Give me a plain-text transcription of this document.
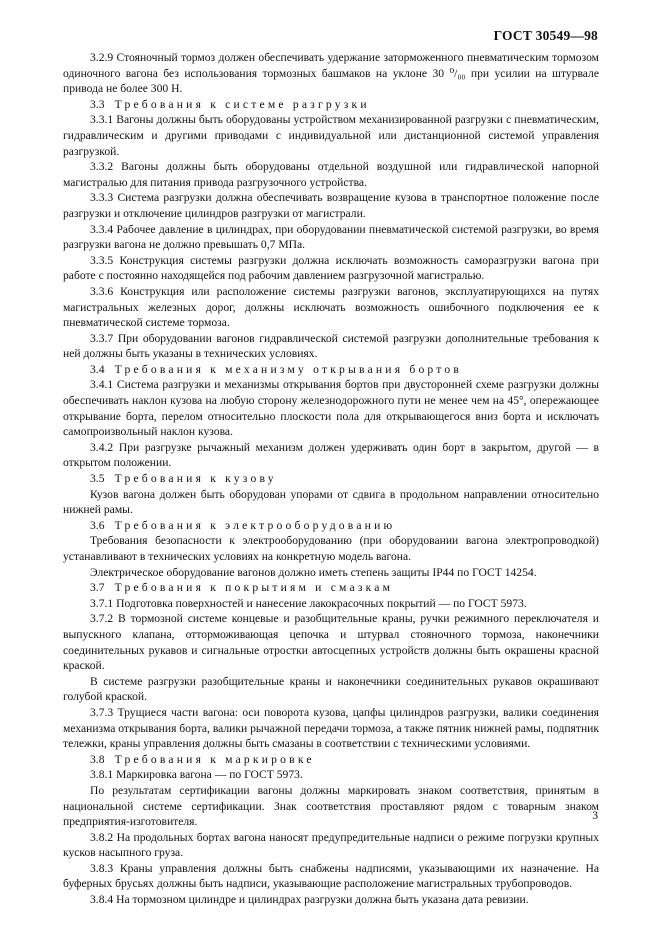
ГОСТ 30549—98

3.2.9 Стояночный тормоз должен обеспечивать удержание заторможенного пневматическим тормозом одиночного вагона без использования тормозных башмаков на уклоне 30 ⁰/₀₀ при усилии на штурвале привода не более 300 Н.

3.3 Требования к системе разгрузки

3.3.1 Вагоны должны быть оборудованы устройством механизированной разгрузки с пневматическим, гидравлическим и другими приводами с индивидуальной или дистанционной системой управления разгрузкой.

3.3.2 Вагоны должны быть оборудованы отдельной воздушной или гидравлической напорной магистралью для питания привода разгрузочного устройства.

3.3.3 Система разгрузки должна обеспечивать возвращение кузова в транспортное положение после разгрузки и отключение цилиндров разгрузки от магистрали.

3.3.4 Рабочее давление в цилиндрах, при оборудовании пневматической системой разгрузки, во время разгрузки вагона не должно превышать 0,7 МПа.

3.3.5 Конструкция системы разгрузки должна исключать возможность саморазгрузки вагона при работе с постоянно находящейся под рабочим давлением разгрузочной магистралью.

3.3.6 Конструкция или расположение системы разгрузки вагонов, эксплуатирующихся на путях магистральных железных дорог, должны исключать возможность ошибочного подключения ее к пневматической системе тормоза.

3.3.7 При оборудовании вагонов гидравлической системой разгрузки дополнительные требования к ней должны быть указаны в технических условиях.

3.4 Требования к механизму открывания бортов

3.4.1 Система разгрузки и механизмы открывания бортов при двусторонней схеме разгрузки должны обеспечивать наклон кузова на любую сторону железнодорожного пути не менее чем на 45°, опережающее открывание борта, перелом относительно плоскости пола для открывающегося вниз борта и исключать самопроизвольный наклон кузова.

3.4.2 При разгрузке рычажный механизм должен удерживать один борт в закрытом, другой — в открытом положении.

3.5 Требования к кузову

Кузов вагона должен быть оборудован упорами от сдвига в продольном направлении относительно нижней рамы.

3.6 Требования к электрооборудованию

Требования безопасности к электрооборудованию (при оборудовании вагона электропроводкой) устанавливают в технических условиях на конкретную модель вагона.

Электрическое оборудование вагонов должно иметь степень защиты IP44 по ГОСТ 14254.

3.7 Требования к покрытиям и смазкам

3.7.1 Подготовка поверхностей и нанесение лакокрасочных покрытий — по ГОСТ 5973.

3.7.2 В тормозной системе концевые и разобщительные краны, ручки режимного переключателя и выпускного клапана, отторможивающая цепочка и штурвал стояночного тормоза, наконечники соединительных рукавов и сигнальные отростки автосцепных устройств должны быть окрашены красной краской.

В системе разгрузки разобщительные краны и наконечники соединительных рукавов окрашивают голубой краской.

3.7.3 Трущиеся части вагона: оси поворота кузова, цапфы цилиндров разгрузки, валики соединения механизма открывания борта, валики рычажной передачи тормоза, а также пятник нижней рамы, подпятник тележки, краны управления должны быть смазаны в соответствии с техническими условиями.

3.8 Требования к маркировке

3.8.1 Маркировка вагона — по ГОСТ 5973.

По результатам сертификации вагоны должны маркировать знаком соответствия, принятым в национальной системе сертификации. Знак соответствия проставляют рядом с товарным знаком предприятия-изготовителя.

3.8.2 На продольных бортах вагона наносят предупредительные надписи о режиме погрузки крупных кусков насыпного груза.

3.8.3 Краны управления должны быть снабжены надписями, указывающими их назначение. На буферных брусьях должны быть надписи, указывающие расположение магистральных трубопроводов.

3.8.4 На тормозном цилиндре и цилиндрах разгрузки должна быть указана дата ревизии.

3
